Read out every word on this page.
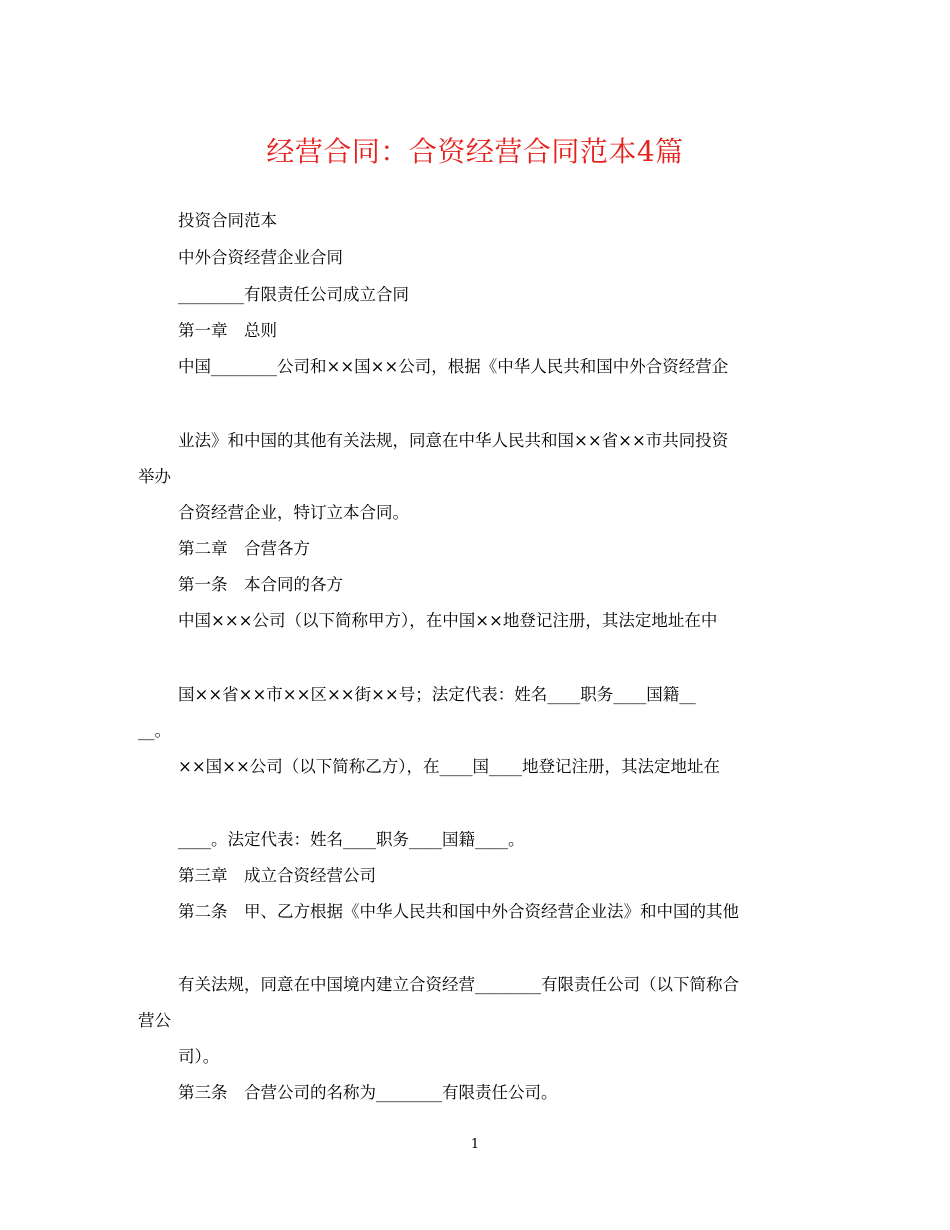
经营合同：合资经营合同范本4篇
投资合同范本
中外合资经营企业合同
________有限责任公司成立合同
第一章　总则
中国________公司和××国××公司，根据《中华人民共和国中外合资经营企
业法》和中国的其他有关法规，同意在中华人民共和国××省××市共同投资
举办
合资经营企业，特订立本合同。
第二章　合营各方
第一条　本合同的各方
中国×××公司（以下简称甲方），在中国××地登记注册，其法定地址在中
国××省××市××区××街××号；法定代表：姓名____职务____国籍__
__。
××国××公司（以下简称乙方），在____国____地登记注册，其法定地址在
____。法定代表：姓名____职务____国籍____。
第三章　成立合资经营公司
第二条　甲、乙方根据《中华人民共和国中外合资经营企业法》和中国的其他
有关法规，同意在中国境内建立合资经营________有限责任公司（以下简称合
营公
司）。
第三条　合营公司的名称为________有限责任公司。
1
